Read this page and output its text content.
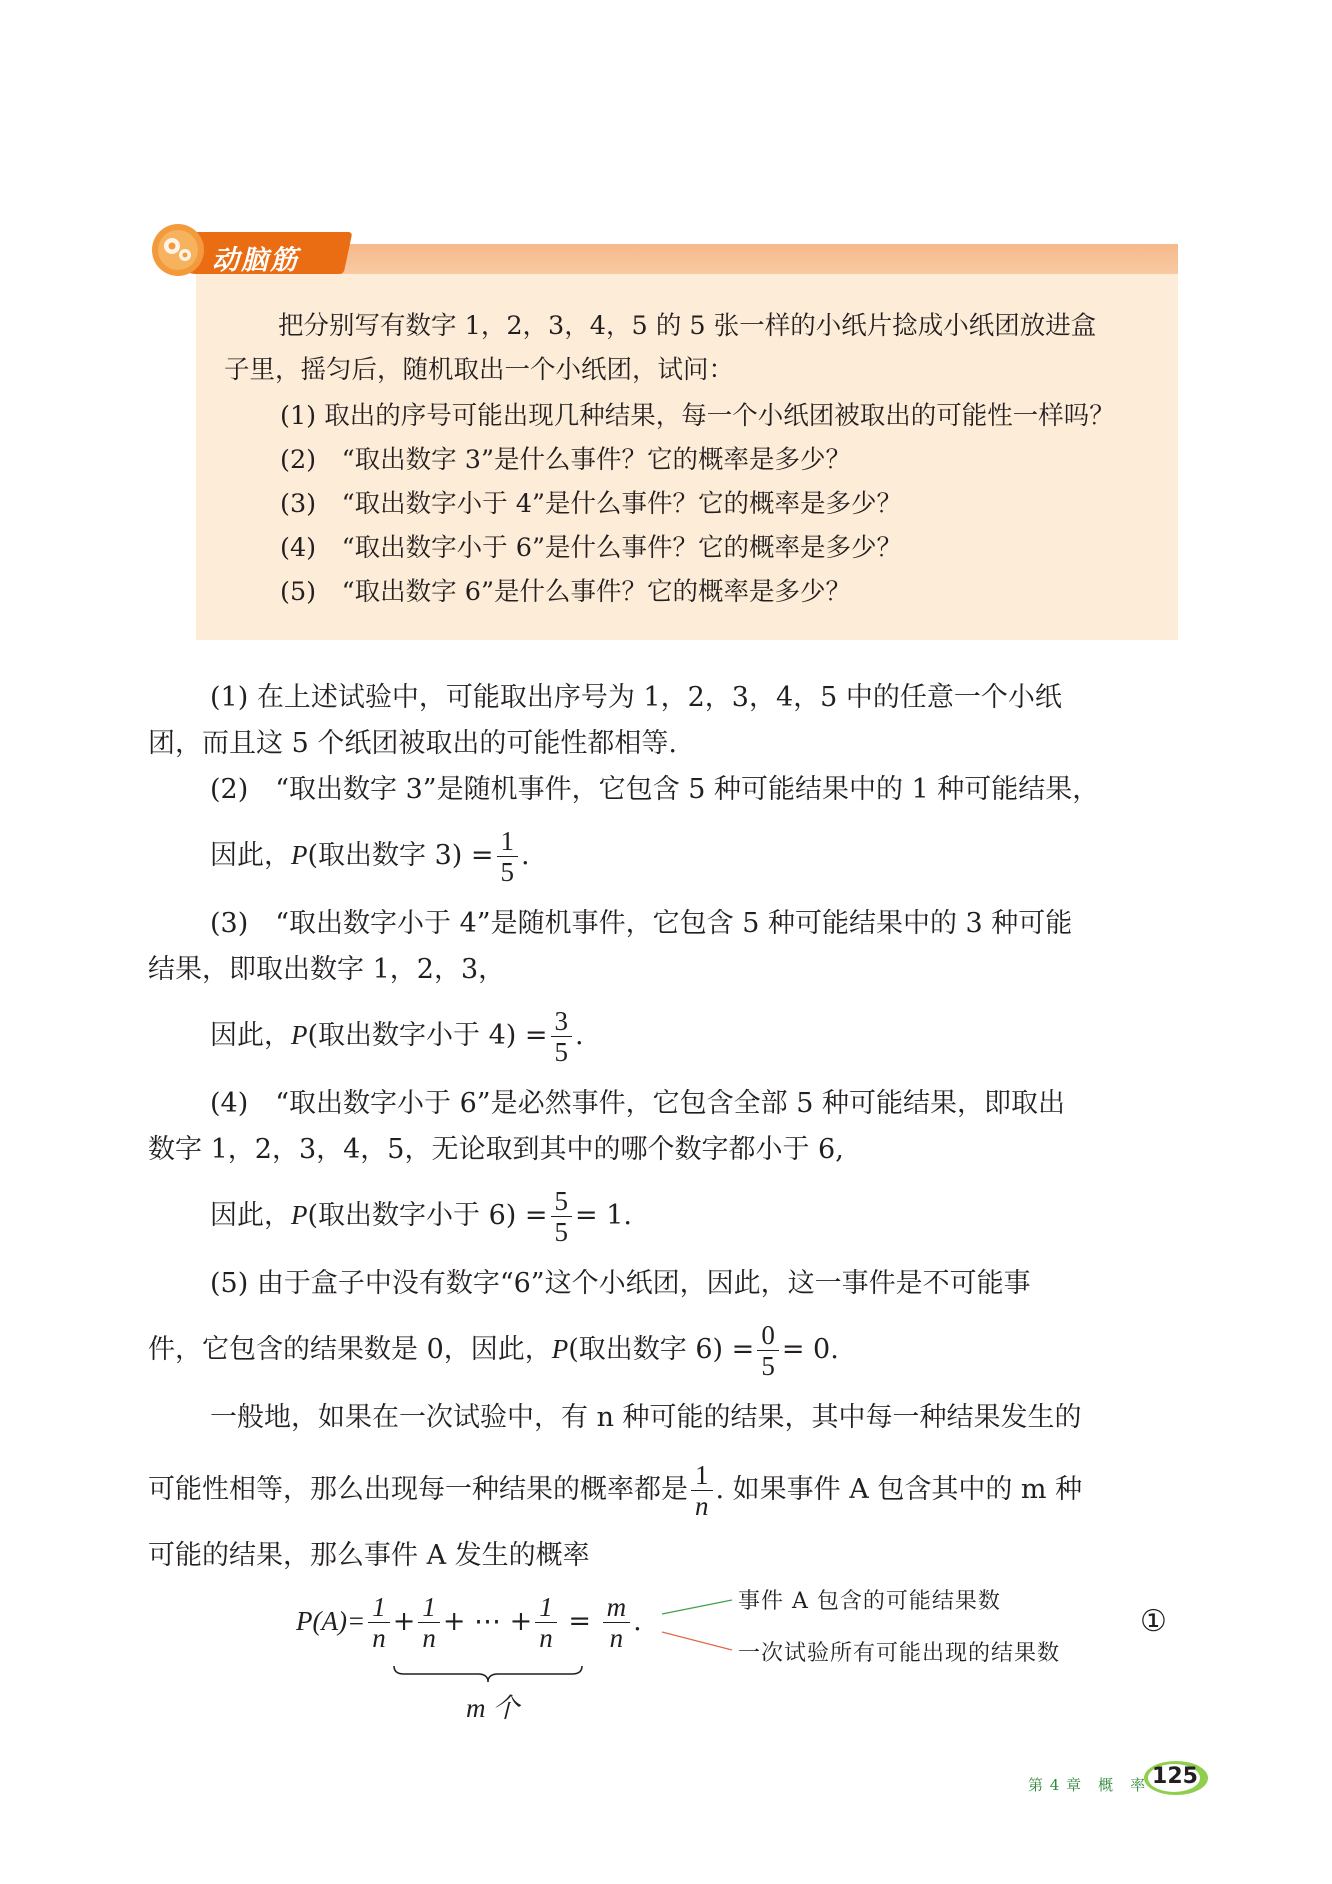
动脑筋
把分别写有数字 1，2，3，4，5 的 5 张一样的小纸片捻成小纸团放进盒
子里，摇匀后，随机取出一个小纸团，试问：
(1) 取出的序号可能出现几种结果，每一个小纸团被取出的可能性一样吗？
(2)　“取出数字 3”是什么事件？它的概率是多少？
(3)　“取出数字小于 4”是什么事件？它的概率是多少？
(4)　“取出数字小于 6”是什么事件？它的概率是多少？
(5)　“取出数字 6”是什么事件？它的概率是多少？
(1) 在上述试验中，可能取出序号为 1，2，3，4，5 中的任意一个小纸
团，而且这 5 个纸团被取出的可能性都相等.
(2)　“取出数字 3”是随机事件，它包含 5 种可能结果中的 1 种可能结果，
因此，P(取出数字 $3) = \frac{1}{5}$ .
(3)　“取出数字小于 4”是随机事件，它包含 5 种可能结果中的 3 种可能
结果，即取出数字 1，2，3，
因此，P(取出数字小于 $4) = \frac{3}{5}$ .
(4)　“取出数字小于 6”是必然事件，它包含全部 5 种可能结果，即取出
数字 1，2，3，4，5，无论取到其中的哪个数字都小于 6,
因此，P(取出数字小于 $6) = \frac{5}{5} = 1$.
(5) 由于盒子中没有数字“6”这个小纸团，因此，这一事件是不可能事
件，它包含的结果数是 0，因此，P(取出数字 $6) = \frac{0}{5} = 0$.
一般地，如果在一次试验中，有 n 种可能的结果，其中每一种结果发生的
可能性相等，那么出现每一种结果的概率都是 $\frac{1}{n}$ . 如果事件 A 包含其中的 m 种
可能的结果，那么事件 A 发生的概率
$P(A)= \frac{1}{n} + \frac{1}{n}$ + ⋯ + $\frac{1}{n} = \frac{m}{n}$ .
m 个
事件 A 包含的可能结果数
一次试验所有可能出现的结果数
①
第 4 章　概　率 125
